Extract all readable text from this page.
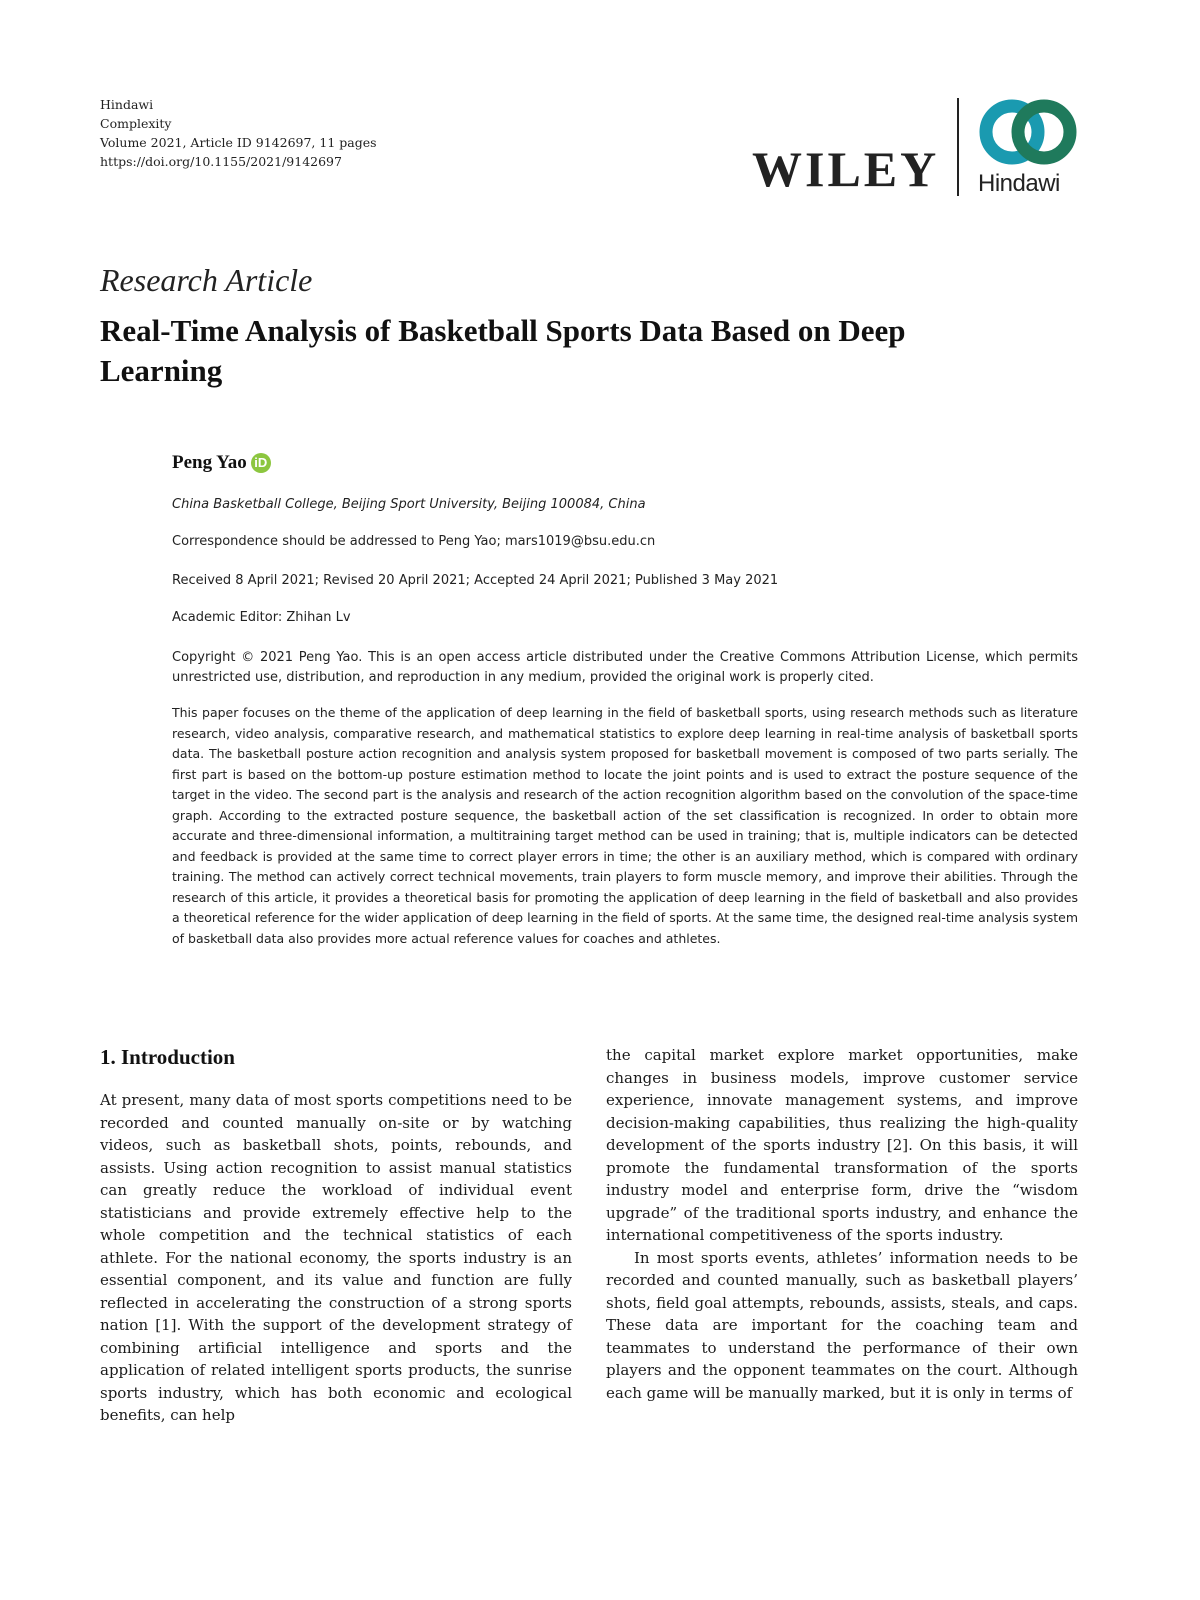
Hindawi
Complexity
Volume 2021, Article ID 9142697, 11 pages
https://doi.org/10.1155/2021/9142697	WILEY Hindawi
Research Article
Real-Time Analysis of Basketball Sports Data Based on Deep Learning
Peng Yao iD
China Basketball College, Beijing Sport University, Beijing 100084, China
Correspondence should be addressed to Peng Yao; mars1019@bsu.edu.cn
Received 8 April 2021; Revised 20 April 2021; Accepted 24 April 2021; Published 3 May 2021
Academic Editor: Zhihan Lv
Copyright © 2021 Peng Yao. This is an open access article distributed under the Creative Commons Attribution License, which permits unrestricted use, distribution, and reproduction in any medium, provided the original work is properly cited.

This paper focuses on the theme of the application of deep learning in the field of basketball sports, using research methods such as literature research, video analysis, comparative research, and mathematical statistics to explore deep learning in real-time analysis of basketball sports data. The basketball posture action recognition and analysis system proposed for basketball movement is composed of two parts serially. The first part is based on the bottom-up posture estimation method to locate the joint points and is used to extract the posture sequence of the target in the video. The second part is the analysis and research of the action recognition algorithm based on the convolution of the space-time graph. According to the extracted posture sequence, the basketball action of the set classification is recognized. In order to obtain more accurate and three-dimensional information, a multitraining target method can be used in training; that is, multiple indicators can be detected and feedback is provided at the same time to correct player errors in time; the other is an auxiliary method, which is compared with ordinary training. The method can actively correct technical movements, train players to form muscle memory, and improve their abilities. Through the research of this article, it provides a theoretical basis for promoting the application of deep learning in the field of basketball and also provides a theoretical reference for the wider application of deep learning in the field of sports. At the same time, the designed real-time analysis system of basketball data also provides more actual reference values for coaches and athletes.

1. Introduction

At present, many data of most sports competitions need to be recorded and counted manually on-site or by watching videos, such as basketball shots, points, rebounds, and assists. Using action recognition to assist manual statistics can greatly reduce the workload of individual event statisticians and provide extremely effective help to the whole competition and the technical statistics of each athlete. For the national economy, the sports industry is an essential component, and its value and function are fully reflected in accelerating the construction of a strong sports nation [1]. With the support of the development strategy of combining artificial intelligence and sports and the application of related intelligent sports products, the sunrise sports industry, which has both economic and ecological benefits, can help

the capital market explore market opportunities, make changes in business models, improve customer service experience, innovate management systems, and improve decision-making capabilities, thus realizing the high-quality development of the sports industry [2]. On this basis, it will promote the fundamental transformation of the sports industry model and enterprise form, drive the “wisdom upgrade” of the traditional sports industry, and enhance the international competitiveness of the sports industry.

In most sports events, athletes’ information needs to be recorded and counted manually, such as basketball players’ shots, field goal attempts, rebounds, assists, steals, and caps. These data are important for the coaching team and teammates to understand the performance of their own players and the opponent teammates on the court. Although each game will be manually marked, but it is only in terms of
